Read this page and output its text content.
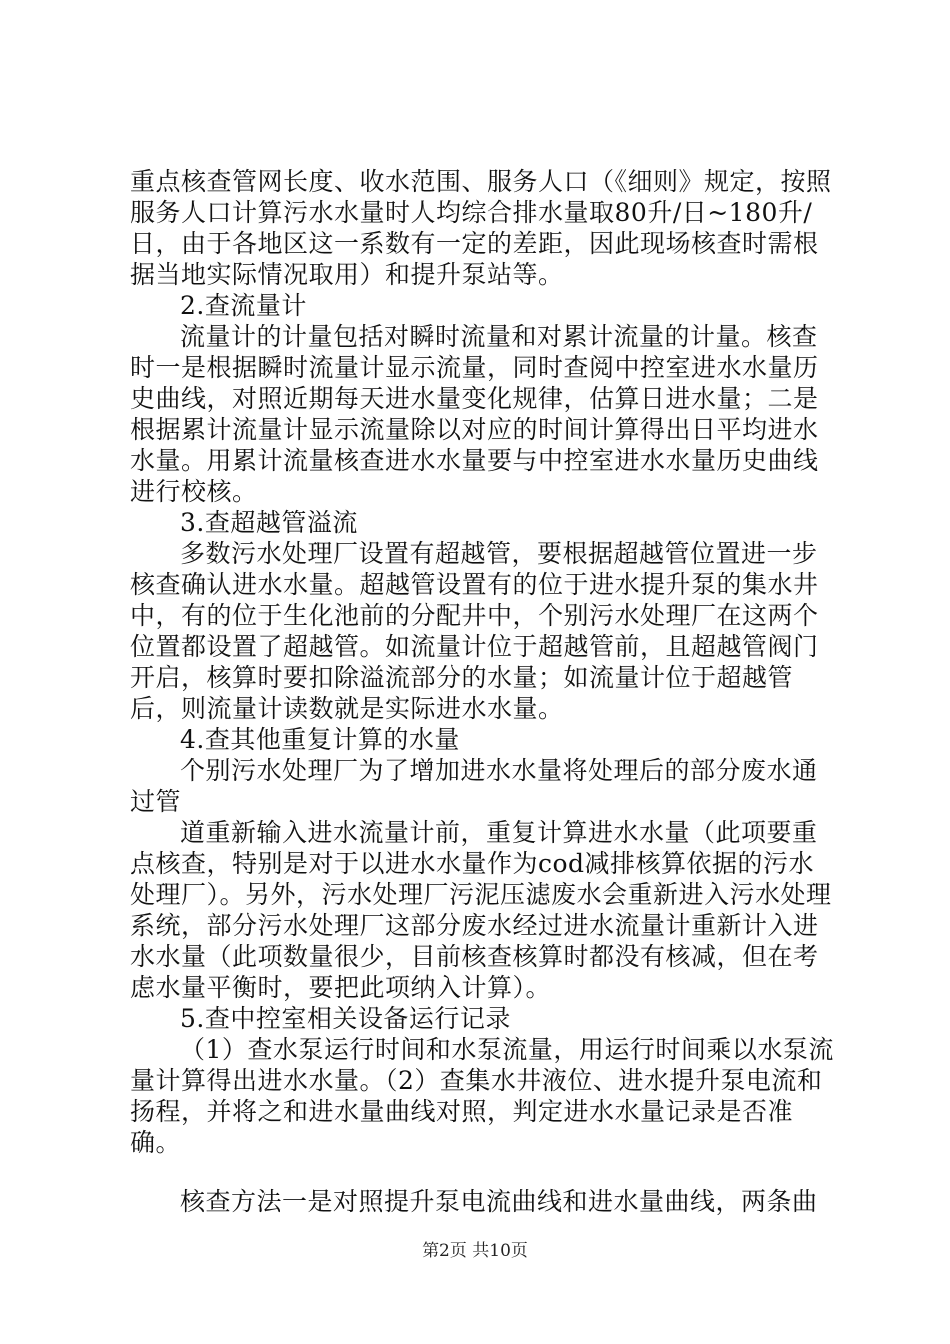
重点核查管网长度、收水范围、服务人口（《细则》规定，按照服务人口计算污水水量时人均综合排水量取80升/日~180升/日，由于各地区这一系数有一定的差距，因此现场核查时需根据当地实际情况取用）和提升泵站等。

2.查流量计

流量计的计量包括对瞬时流量和对累计流量的计量。核查时一是根据瞬时流量计显示流量，同时查阅中控室进水水量历史曲线，对照近期每天进水量变化规律，估算日进水量；二是根据累计流量计显示流量除以对应的时间计算得出日平均进水水量。用累计流量核查进水水量要与中控室进水水量历史曲线进行校核。

3.查超越管溢流

多数污水处理厂设置有超越管，要根据超越管位置进一步核查确认进水水量。超越管设置有的位于进水提升泵的集水井中，有的位于生化池前的分配井中，个别污水处理厂在这两个位置都设置了超越管。如流量计位于超越管前，且超越管阀门开启，核算时要扣除溢流部分的水量；如流量计位于超越管后，则流量计读数就是实际进水水量。

4.查其他重复计算的水量

个别污水处理厂为了增加进水水量将处理后的部分废水通过管

道重新输入进水流量计前，重复计算进水水量（此项要重点核查，特别是对于以进水水量作为cod减排核算依据的污水处理厂）。另外，污水处理厂污泥压滤废水会重新进入污水处理系统，部分污水处理厂这部分废水经过进水流量计重新计入进水水量（此项数量很少，目前核查核算时都没有核减，但在考虑水量平衡时，要把此项纳入计算）。

5.查中控室相关设备运行记录

（1）查水泵运行时间和水泵流量，用运行时间乘以水泵流量计算得出进水水量。（2）查集水井液位、进水提升泵电流和扬程，并将之和进水量曲线对照，判定进水水量记录是否准确。

核查方法一是对照提升泵电流曲线和进水量曲线，两条曲

第2页 共10页
